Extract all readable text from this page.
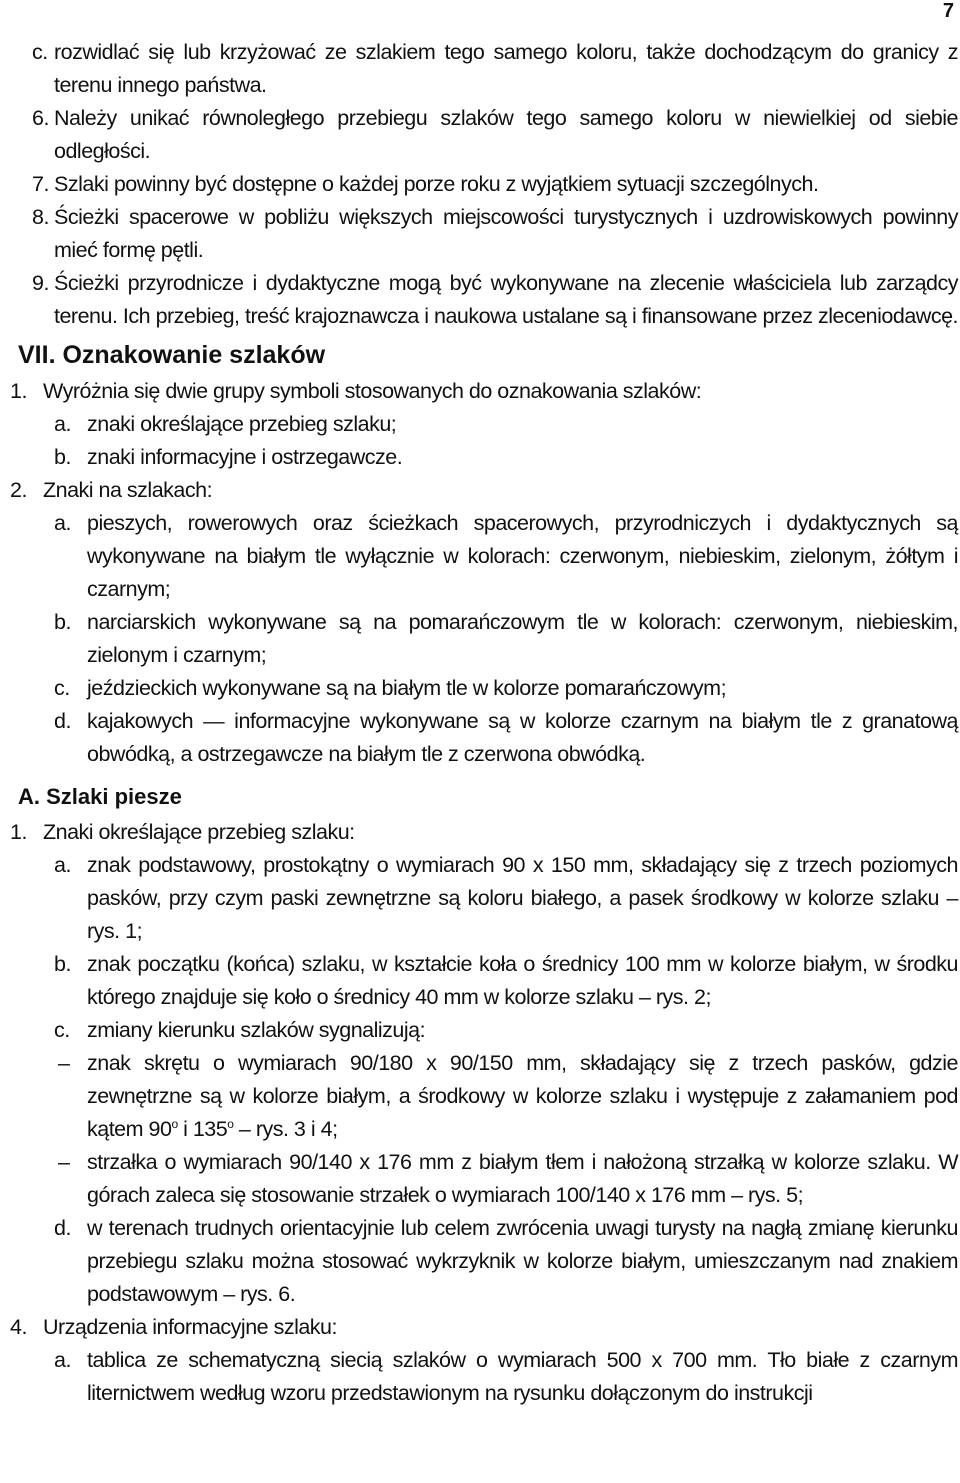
7

c. rozwidlać się lub krzyżować ze szlakiem tego samego koloru, także dochodzącym do granicy z terenu innego państwa.

6. Należy unikać równoległego przebiegu szlaków tego samego koloru w niewielkiej od siebie odległości.

7. Szlaki powinny być dostępne o każdej porze roku z wyjątkiem sytuacji szczególnych.

8. Ścieżki spacerowe w pobliżu większych miejscowości turystycznych i uzdrowiskowych powinny mieć formę pętli.

9. Ścieżki przyrodnicze i dydaktyczne mogą być wykonywane na zlecenie właściciela lub zarządcy terenu. Ich przebieg, treść krajoznawcza i naukowa ustalane są i finansowane przez zleceniodawcę.

VII. Oznakowanie szlaków

1. Wyróżnia się dwie grupy symboli stosowanych do oznakowania szlaków:

a. znaki określające przebieg szlaku;

b. znaki informacyjne i ostrzegawcze.

2. Znaki na szlakach:

a. pieszych, rowerowych oraz ścieżkach spacerowych, przyrodniczych i dydaktycznych są wykonywane na białym tle wyłącznie w kolorach: czerwonym, niebieskim, zielonym, żółtym i czarnym;

b. narciarskich wykonywane są na pomarańczowym tle w kolorach: czerwonym, niebieskim, zielonym i czarnym;

c. jeździeckich wykonywane są na białym tle w kolorze pomarańczowym;

d. kajakowych — informacyjne wykonywane są w kolorze czarnym na białym tle z granatową obwódką, a ostrzegawcze na białym tle z czerwona obwódką.

A. Szlaki piesze

1. Znaki określające przebieg szlaku:

a. znak podstawowy, prostokątny o wymiarach 90 x 150 mm, składający się z trzech poziomych pasków, przy czym paski zewnętrzne są koloru białego, a pasek środkowy w kolorze szlaku – rys. 1;

b. znak początku (końca) szlaku, w kształcie koła o średnicy 100 mm w kolorze białym, w środku którego znajduje się koło o średnicy 40 mm w kolorze szlaku – rys. 2;

c. zmiany kierunku szlaków sygnalizują:

– znak skrętu o wymiarach 90/180 x 90/150 mm, składający się z trzech pasków, gdzie zewnętrzne są w kolorze białym, a środkowy w kolorze szlaku i występuje z załamaniem pod kątem 90$^o$ i 135$^o$ – rys. 3 i 4;

– strzałka o wymiarach 90/140 x 176 mm z białym tłem i nałożoną strzałką w kolorze szlaku. W górach zaleca się stosowanie strzałek o wymiarach 100/140 x 176 mm – rys. 5;

d. w terenach trudnych orientacyjnie lub celem zwrócenia uwagi turysty na nagłą zmianę kierunku przebiegu szlaku można stosować wykrzyknik w kolorze białym, umieszczanym nad znakiem podstawowym – rys. 6.

4. Urządzenia informacyjne szlaku:

a. tablica ze schematyczną siecią szlaków o wymiarach 500 x 700 mm. Tło białe z czarnym liternictwem według wzoru przedstawionym na rysunku dołączonym do instrukcji
